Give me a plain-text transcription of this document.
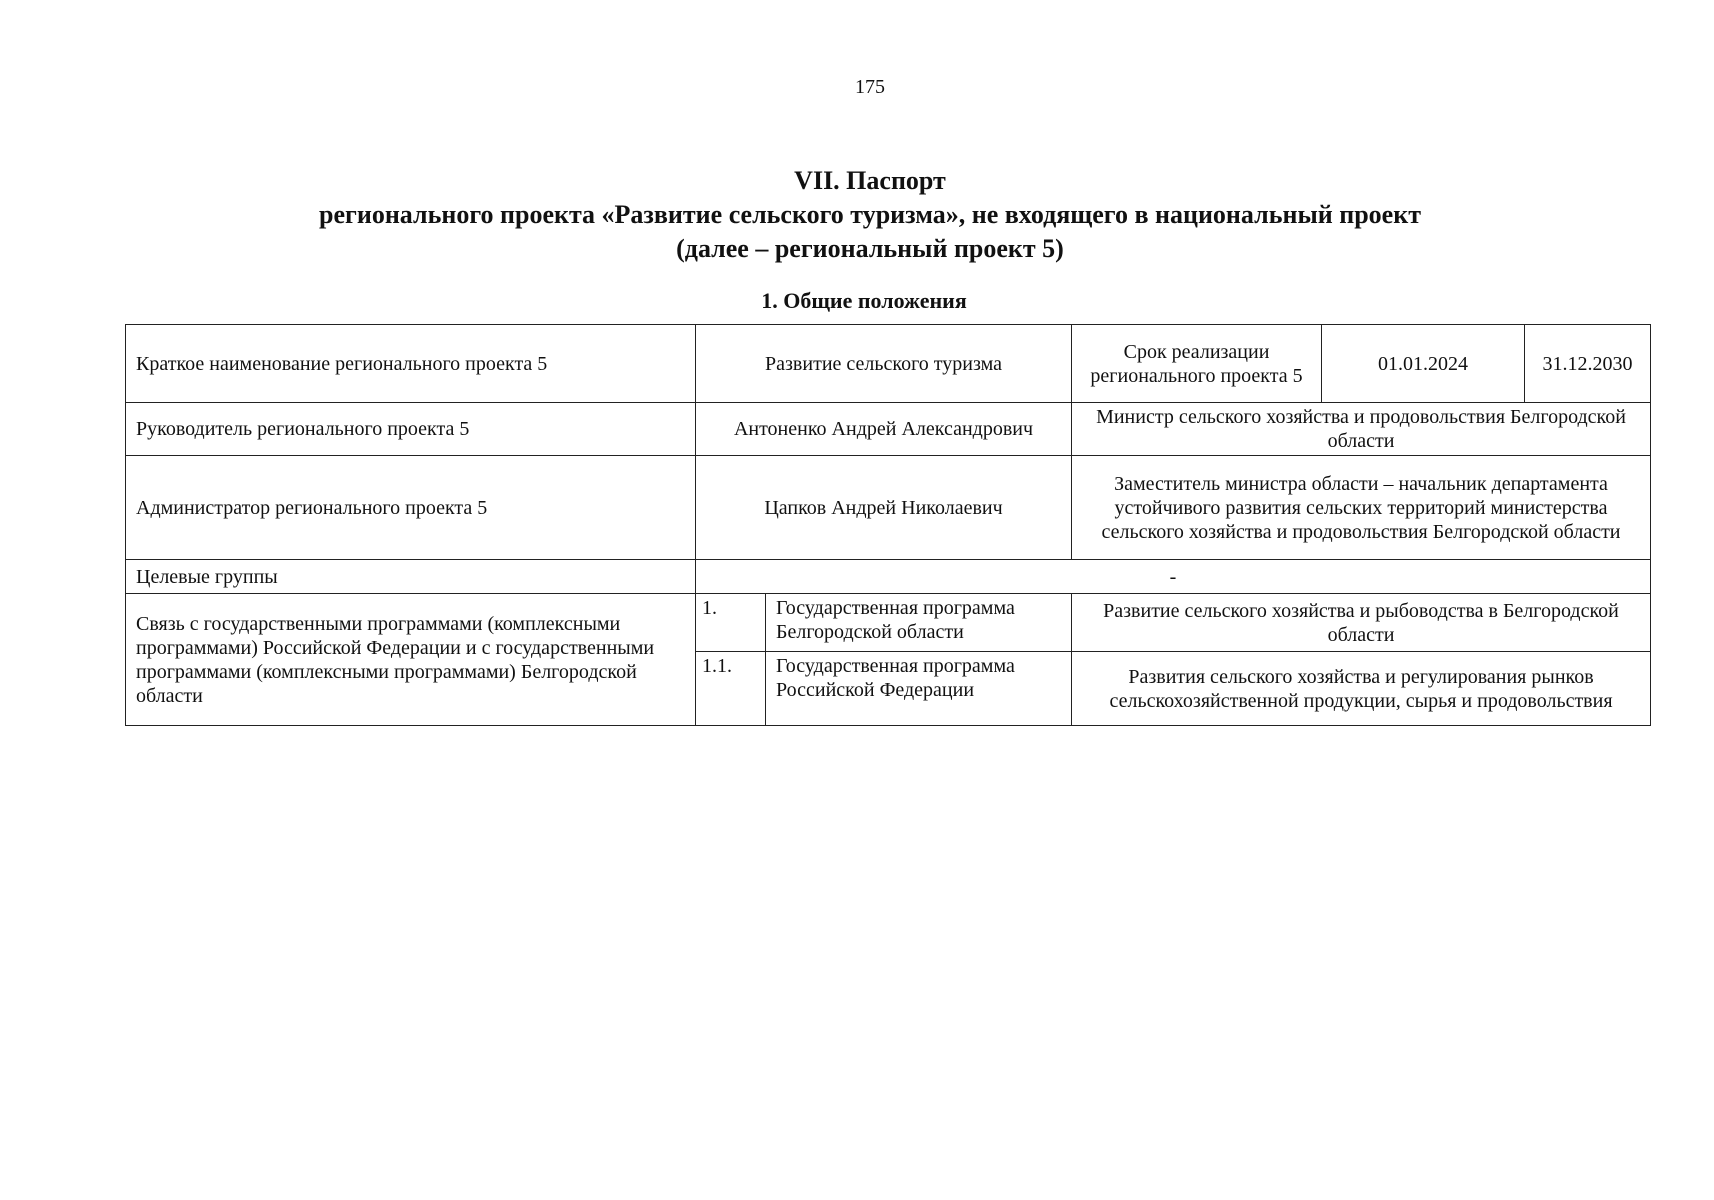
175
VII. Паспорт
регионального проекта «Развитие сельского туризма», не входящего в национальный проект
(далее – региональный проект 5)
1. Общие положения
Краткое наименование регионального проекта 5	Развитие сельского туризма		Срок реализации регионального проекта 5	01.01.2024	31.12.2030
Руководитель регионального проекта 5	Антоненко Андрей Александрович		Министр сельского хозяйства и продовольствия Белгородской области		
Администратор регионального проекта 5	Цапков Андрей Николаевич		Заместитель министра области – начальник департамента устойчивого развития сельских территорий министерства сельского хозяйства и продовольствия Белгородской области		
Целевые группы	-				
Связь с государственными программами (комплексными программами) Российской Федерации и с государственными программами (комплексными программами) Белгородской области	1.	Государственная программа Белгородской области	Развитие сельского хозяйства и рыбоводства в Белгородской области		
	1.1.	Государственная программа Российской Федерации	Развития сельского хозяйства и регулирования рынков сельскохозяйственной продукции, сырья и продовольствия		
